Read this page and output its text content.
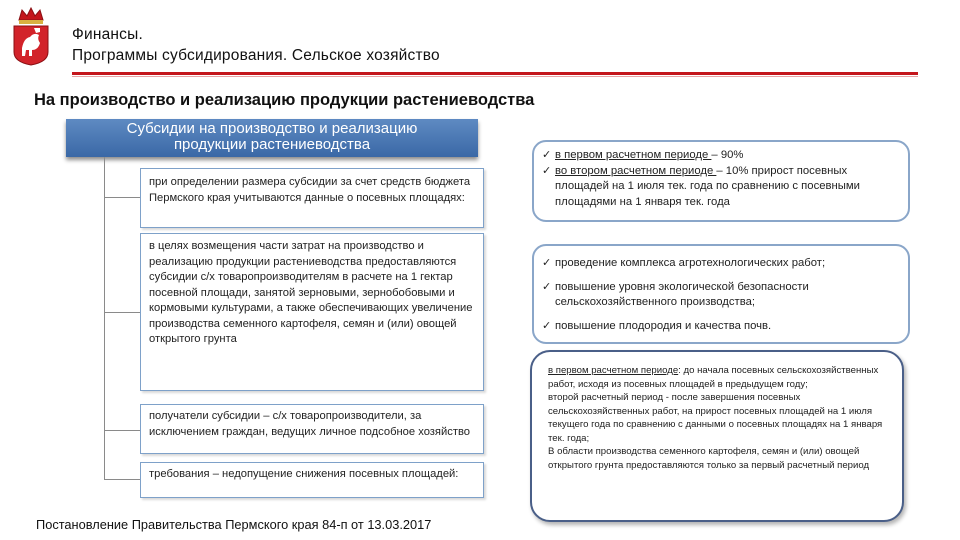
Финансы.
Программы субсидирования. Сельское хозяйство
На производство и реализацию продукции растениеводства
Субсидии на производство и реализацию
продукции растениеводства
при определении размера субсидии за счет средств бюджета Пермского края учитываются данные о посевных площадях:
в целях возмещения части затрат на производство и реализацию продукции растениеводства предоставляются субсидии с/х товаропроизводителям в расчете на 1 гектар посевной площади, занятой зерновыми, зернобобовыми и кормовыми культурами, а также обеспечивающих увеличение производства семенного картофеля, семян и (или) овощей открытого грунта
получатели субсидии – с/х товаропроизводители, за исключением граждан, ведущих личное подсобное хозяйство
требования – недопущение снижения посевных площадей:
✓ в первом расчетном периоде – 90%
✓ во втором расчетном периоде – 10% прирост посевных площадей на 1 июля тек. года по сравнению с посевными площадями на 1 января тек. года
✓ проведение комплекса агротехнологических работ;
✓ повышение уровня экологической безопасности сельскохозяйственного производства;
✓ повышение плодородия и качества почв.
в первом расчетном периоде: до начала посевных сельскохозяйственных работ, исходя из посевных площадей в предыдущем году;
второй расчетный период - после завершения посевных сельскохозяйственных работ, на прирост посевных площадей на 1 июля текущего года по сравнению с данными о посевных площадях на 1 января тек. года;
В области производства семенного картофеля, семян и (или) овощей открытого грунта предоставляются только за первый расчетный период
Постановление Правительства Пермского края 84-п от 13.03.2017
